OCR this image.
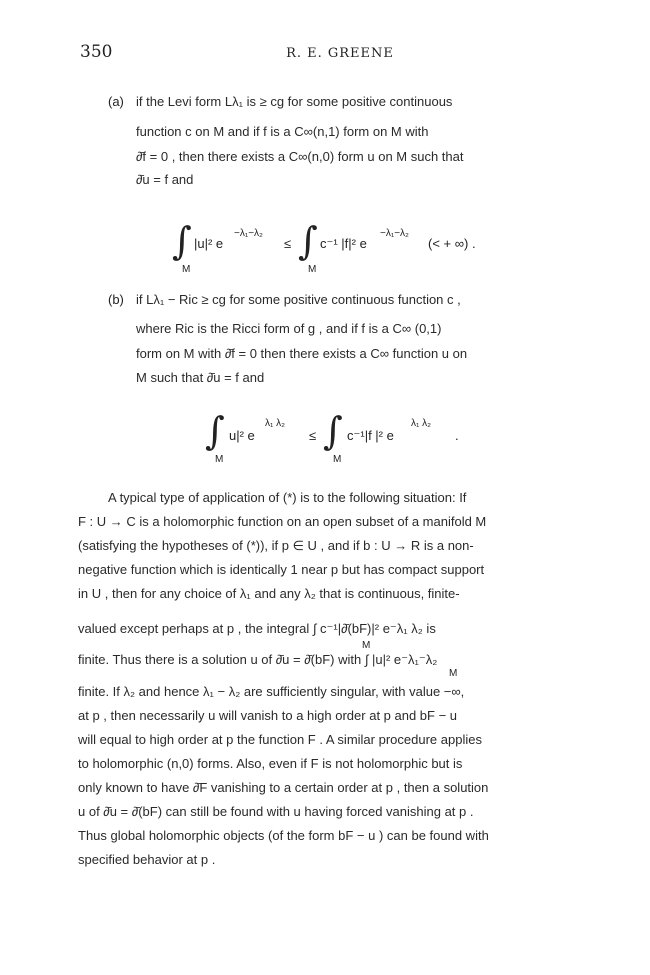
350	R. E. GREENE
(a) if the Levi form Lλ₁ is ≥ cg for some positive continuous
function c on M and if f is a C∞(n,1) form on M with
∂̄f = 0 , then there exists a C∞(n,0) form u on M such that
∂̄u = f and
∫
M
|u|² e
−λ₁−λ₂
≤ ∫
M
c⁻¹ |f|² e
−λ₁−λ₂
(< + ∞) .
(b) if Lλ₁ − Ric ≥ cg for some positive continuous function c ,
where Ric is the Ricci form of g , and if f is a C∞ (0,1)
form on M with ∂̄f = 0 then there exists a C∞ function u on
M such that ∂̄u = f and
∫
M
u|² e
λ₁ λ₂
≤ ∫
M
c⁻¹|f |² e
λ₁ λ₂
.
A typical type of application of (*) is to the following situation: If
F : U → C is a holomorphic function on an open subset of a manifold M
(satisfying the hypotheses of (*)), if p ∈ U , and if b : U → R is a non-
negative function which is identically 1 near p but has compact support
in U , then for any choice of λ₁ and any λ₂ that is continuous, finite-
valued except perhaps at p , the integral ∫ c⁻¹|∂̄(bF)|² e⁻λ₁ λ₂ is
M
finite. Thus there is a solution u of ∂̄u = ∂̄(bF) with ∫ |u|² e⁻λ₁⁻λ₂
M
finite. If λ₂ and hence λ₁ − λ₂ are sufficiently singular, with value −∞,
at p , then necessarily u will vanish to a high order at p and bF − u
will equal to high order at p the function F . A similar procedure applies
to holomorphic (n,0) forms. Also, even if F is not holomorphic but is
only known to have ∂̄F vanishing to a certain order at p , then a solution
u of ∂̄u = ∂̄(bF) can still be found with u having forced vanishing at p .
Thus global holomorphic objects (of the form bF − u ) can be found with
specified behavior at p .
